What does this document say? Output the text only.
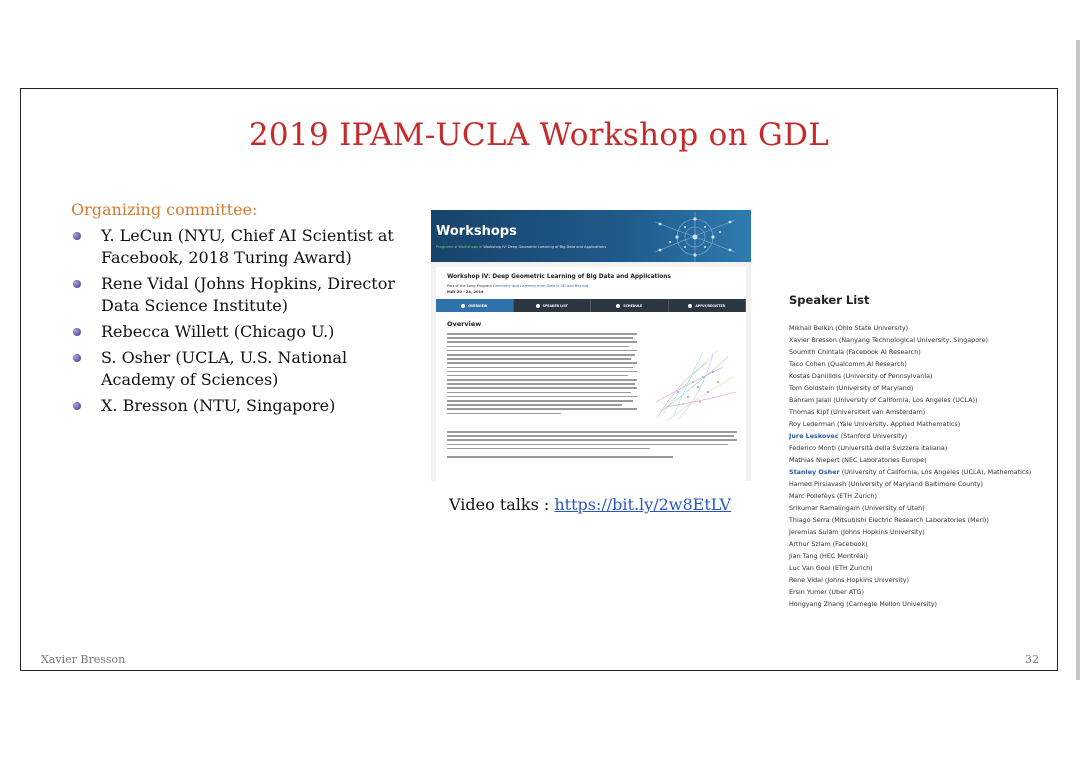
2019 IPAM-UCLA Workshop on GDL
Organizing committee:
Y. LeCun (NYU, Chief AI Scientist at Facebook, 2018 Turing Award)
Rene Vidal (Johns Hopkins, Director Data Science Institute)
Rebecca Willett (Chicago U.)
S. Osher (UCLA, U.S. National Academy of Sciences)
X. Bresson (NTU, Singapore)
Workshops
Programs > Workshops > Workshop IV: Deep Geometric Learning of Big Data and Applications
Workshop IV: Deep Geometric Learning of Big Data and Applications
Part of the Long Program Geometry and Learning from Data in 3D and Beyond
MAY 20 - 24, 2019
OVERVIEW	SPEAKER LIST	SCHEDULE	APPLY/REGISTER
Overview
Video talks : https://bit.ly/2w8EtLV
Speaker List
Mikhail Belkin (Ohio State University)
Xavier Bresson (Nanyang Technological University, Singapore)
Soumith Chintala (Facebook AI Research)
Taco Cohen (Qualcomm AI Research)
Kostas Daniilidis (University of Pennsylvania)
Tom Goldstein (University of Maryland)
Bahram Jalali (University of California, Los Angeles (UCLA))
Thomas Kipf (Universiteit van Amsterdam)
Roy Lederman (Yale University, Applied Mathematics)
Jure Leskovec (Stanford University)
Federico Monti (Università della Svizzera italiana)
Mathias Niepert (NEC Laboratories Europe)
Stanley Osher (University of California, Los Angeles (UCLA), Mathematics)
Hamed Pirsiavash (University of Maryland Baltimore County)
Marc Pollefeys (ETH Zurich)
Srikumar Ramalingam (University of Utah)
Thiago Serra (Mitsubishi Electric Research Laboratories (Merl))
Jeremias Sulam (Johns Hopkins University)
Arthur Szlam (Facebook)
Jian Tang (HEC Montréal)
Luc Van Gool (ETH Zurich)
Rene Vidal (Johns Hopkins University)
Ersin Yumer (Uber ATG)
Hongyang Zhang (Carnegie Mellon University)
Xavier Bresson	32
